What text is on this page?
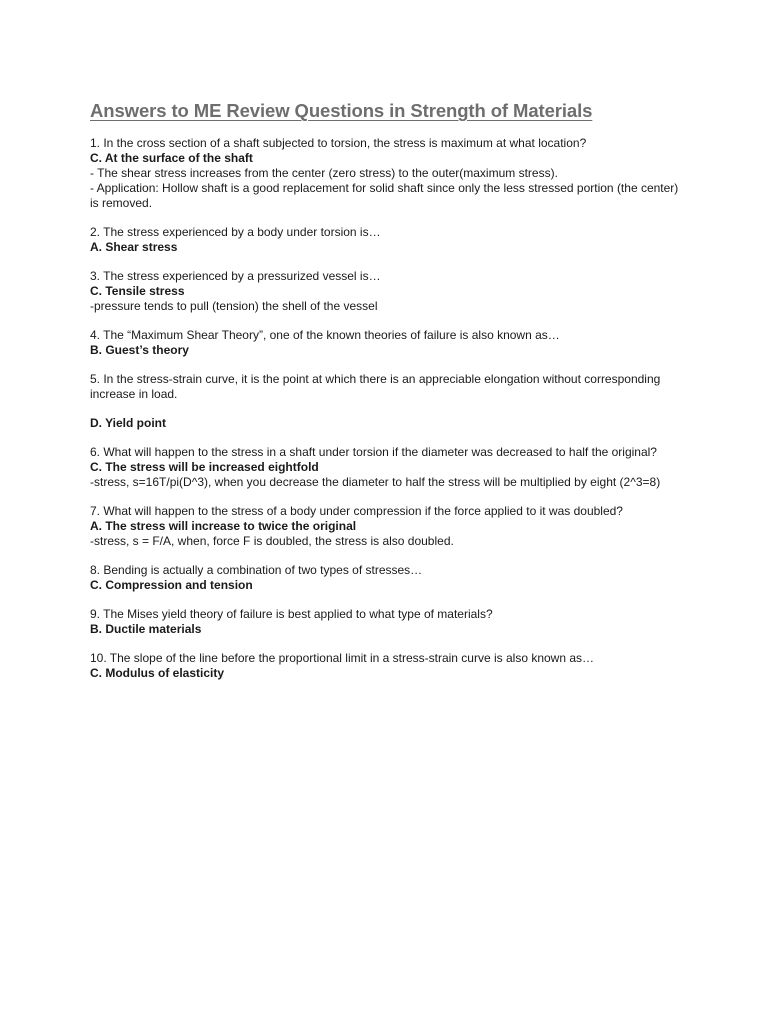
Answers to ME Review Questions in Strength of Materials

1. In the cross section of a shaft subjected to torsion, the stress is maximum at what location?

C. At the surface of the shaft

- The shear stress increases from the center (zero stress) to the outer(maximum stress).

- Application: Hollow shaft is a good replacement for solid shaft since only the less stressed portion (the center) is removed.

2. The stress experienced by a body under torsion is…

A. Shear stress

3. The stress experienced by a pressurized vessel is…

C. Tensile stress

-pressure tends to pull (tension) the shell of the vessel

4. The “Maximum Shear Theory”, one of the known theories of failure is also known as…

B. Guest’s theory

5. In the stress-strain curve, it is the point at which there is an appreciable elongation without corresponding increase in load.

D. Yield point

6. What will happen to the stress in a shaft under torsion if the diameter was decreased to half the original?

C. The stress will be increased eightfold

-stress, s=16T/pi(D^3), when you decrease the diameter to half the stress will be multiplied by eight (2^3=8)

7. What will happen to the stress of a body under compression if the force applied to it was doubled?

A. The stress will increase to twice the original

-stress, s = F/A, when, force F is doubled, the stress is also doubled.

8. Bending is actually a combination of two types of stresses…

C. Compression and tension

9. The Mises yield theory of failure is best applied to what type of materials?

B. Ductile materials

10. The slope of the line before the proportional limit in a stress-strain curve is also known as…

C. Modulus of elasticity
